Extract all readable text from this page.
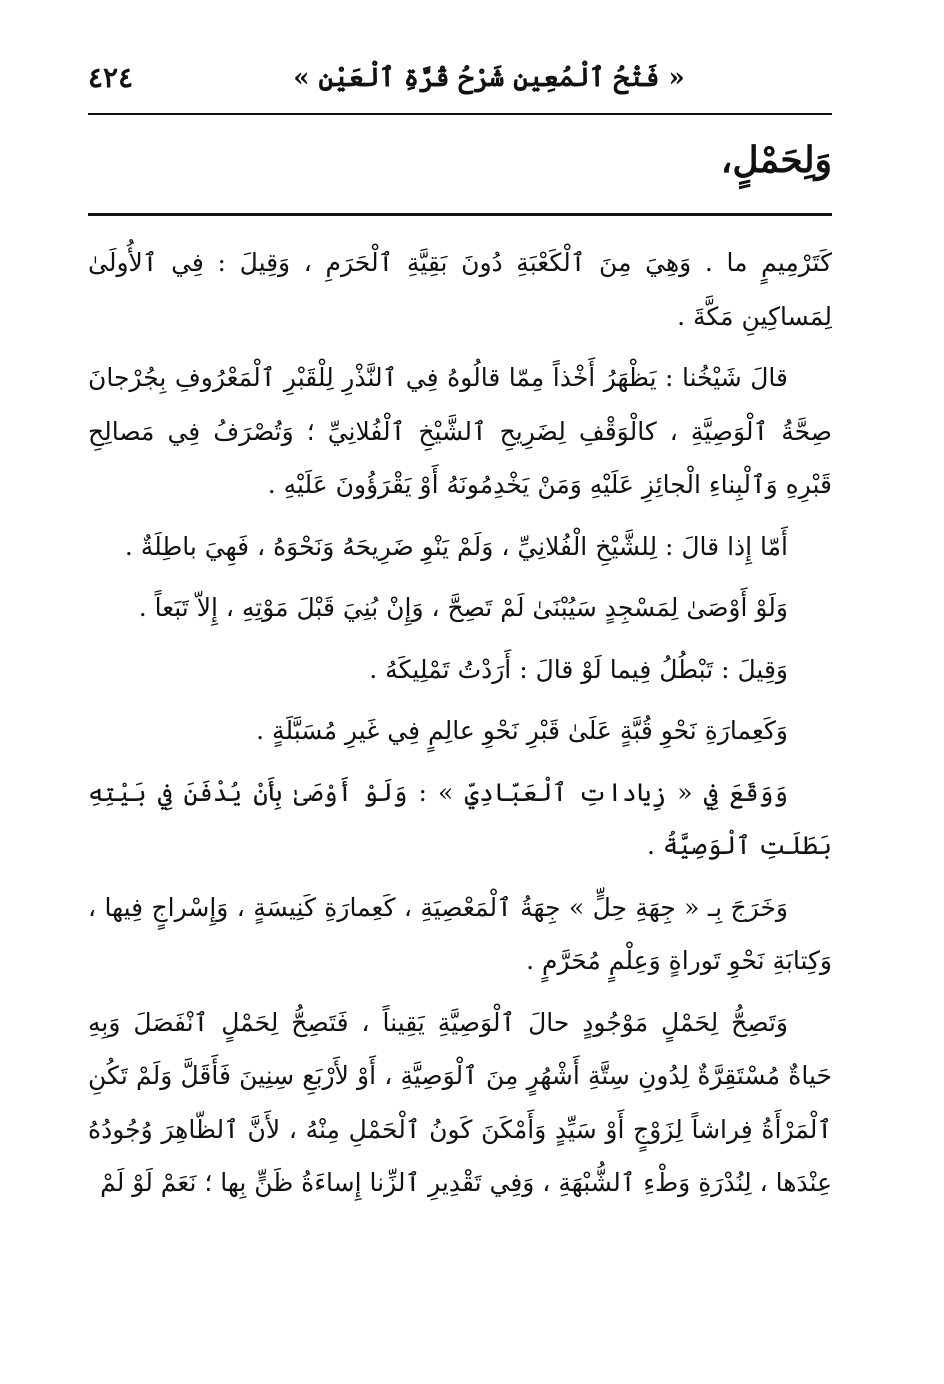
٤٢٤	« فَتْحُ ٱلْمُعِينِ شَرْحُ قُرَّةِ ٱلْعَيْنِ »
وَلِحَمْلٍ،

كَتَرْمِيمٍ ما . وَهِيَ مِنَ ٱلْكَعْبَةِ دُونَ بَقِيَّةِ ٱلْحَرَمِ ، وَقِيلَ : فِي ٱلأُولَىٰ لِمَساكِينِ مَكَّةَ .

قالَ شَيْخُنا : يَظْهَرُ أَخْذاً مِمّا قالُوهُ فِي ٱلنَّذْرِ لِلْقَبْرِ ٱلْمَعْرُوفِ بِجُرْجانَ صِحَّةُ ٱلْوَصِيَّةِ ، كالْوَقْفِ لِضَرِيحِ ٱلشَّيْخِ ٱلْفُلانِيِّ ؛ وَتُصْرَفُ فِي مَصالِحِ قَبْرِهِ وَٱلْبِناءِ الْجائِزِ عَلَيْهِ وَمَنْ يَخْدِمُونَهُ أَوْ يَقْرَؤُونَ عَلَيْهِ .

أَمّا إِذا قالَ : لِلشَّيْخِ الْفُلانِيِّ ، وَلَمْ يَنْوِ ضَرِيحَهُ وَنَحْوَهُ ، فَهِيَ باطِلَةٌ .

وَلَوْ أَوْصَىٰ لِمَسْجِدٍ سَيُبْنَىٰ لَمْ تَصِحَّ ، وَإِنْ بُنِيَ قَبْلَ مَوْتِهِ ، إِلاّ تَبَعاً .

وَقِيلَ : تَبْطُلُ فِيما لَوْ قالَ : أَرَدْتُ تَمْلِيكَهُ .

وَكَعِمارَةِ نَحْوِ قُبَّةٍ عَلَىٰ قَبْرِ نَحْوِ عالِمٍ فِي غَيرِ مُسَبَّلَةٍ .

وَوَقَعَ فِي « زِياداتِ ٱلْعَبّادِيِّ » : وَلَوْ أَوْصَىٰ بِأَنْ يُدْفَنَ فِي بَيْتِهِ بَطَلَتِ ٱلْوَصِيَّةُ .

وَخَرَجَ بِـ « جِهَةِ حِلٍّ » جِهَةُ ٱلْمَعْصِيَةِ ، كَعِمارَةِ كَنِيسَةٍ ، وَإِسْراجٍ فِيها ، وَكِتابَةِ نَحْوِ تَوراةٍ وَعِلْمٍ مُحَرَّمٍ .

وَتَصِحُّ لِحَمْلٍ مَوْجُودٍ حالَ ٱلْوَصِيَّةِ يَقِيناً ، فَتَصِحُّ لِحَمْلٍ ٱنْفَصَلَ وَبِهِ حَياةٌ مُسْتَقِرَّةٌ لِدُونِ سِتَّةِ أَشْهُرٍ مِنَ ٱلْوَصِيَّةِ ، أَوْ لأَرْبَعِ سِنِينَ فَأَقَلَّ وَلَمْ تَكُنِ ٱلْمَرْأَةُ فِراشاً لِزَوْجٍ أَوْ سَيِّدٍ وَأَمْكَنَ كَونُ ٱلْحَمْلِ مِنْهُ ، لأَنَّ ٱلظّاهِرَ وُجُودُهُ عِنْدَها ، لِنُدْرَةِ وَطْءِ ٱلشُّبْهَةِ ، وَفِي تَقْدِيرِ ٱلزِّنا إِساءَةُ ظَنٍّ بِها ؛ نَعَمْ لَوْ لَمْ
